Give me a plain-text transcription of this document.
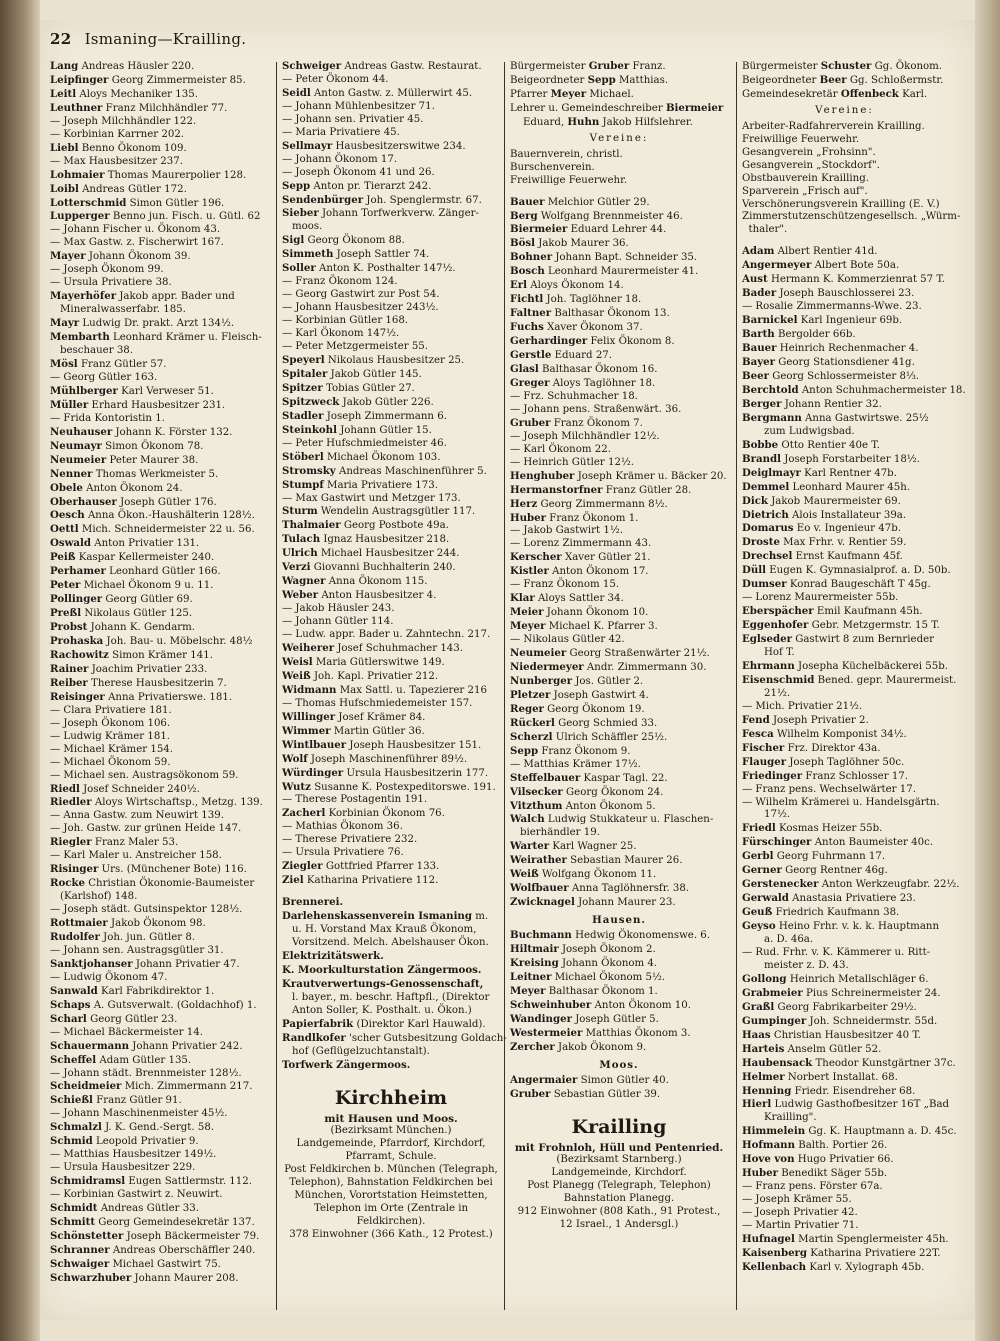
22 Ismaning—Krailling.
Lang Andreas Häusler 220.
Leipfinger Georg Zimmermeister 85.
Leitl Aloys Mechaniker 135.
Leuthner Franz Milchhändler 77.
— Joseph Milchhändler 122.
— Korbinian Karrner 202.
Liebl Benno Ökonom 109.
— Max Hausbesitzer 237.
Lohmaier Thomas Maurerpolier 128.
Loibl Andreas Gütler 172.
Lotterschmid Simon Gütler 196.
Lupperger Benno jun. Fisch. u. Gütl. 62
— Johann Fischer u. Ökonom 43.
— Max Gastw. z. Fischerwirt 167.
Mayer Johann Ökonom 39.
— Joseph Ökonom 99.
— Ursula Privatiere 38.
Mayerhöfer Jakob appr. Bader und
Mineralwasserfabr. 185.
Mayr Ludwig Dr. prakt. Arzt 134½.
Membarth Leonhard Krämer u. Fleisch-
beschauer 38.
Mösl Franz Gütler 57.
— Georg Gütler 163.
Mühlberger Karl Verweser 51.
Müller Erhard Hausbesitzer 231.
— Frida Kontoristin 1.
Neuhauser Johann K. Förster 132.
Neumayr Simon Ökonom 78.
Neumeier Peter Maurer 38.
Nenner Thomas Werkmeister 5.
Obele Anton Ökonom 24.
Oberhauser Joseph Gütler 176.
Oesch Anna Ökon.-Haushälterin 128½.
Oettl Mich. Schneidermeister 22 u. 56.
Oswald Anton Privatier 131.
Peiß Kaspar Kellermeister 240.
Perhamer Leonhard Gütler 166.
Peter Michael Ökonom 9 u. 11.
Pollinger Georg Gütler 69.
Preßl Nikolaus Gütler 125.
Probst Johann K. Gendarm.
Prohaska Joh. Bau- u. Möbelschr. 48½
Rachowitz Simon Krämer 141.
Rainer Joachim Privatier 233.
Reiber Therese Hausbesitzerin 7.
Reisinger Anna Privatierswe. 181.
— Clara Privatiere 181.
— Joseph Ökonom 106.
— Ludwig Krämer 181.
— Michael Krämer 154.
— Michael Ökonom 59.
— Michael sen. Austragsökonom 59.
Riedl Josef Schneider 240½.
Riedler Aloys Wirtschaftsp., Metzg. 139.
— Anna Gastw. zum Neuwirt 139.
— Joh. Gastw. zur grünen Heide 147.
Riegler Franz Maler 53.
— Karl Maler u. Anstreicher 158.
Risinger Urs. (Münchener Bote) 116.
Rocke Christian Ökonomie-Baumeister
(Karlshof) 148.
— Joseph städt. Gutsinspektor 128½.
Rottmaier Jakob Ökonom 98.
Rudolfer Joh. jun. Gütler 8.
— Johann sen. Austragsgütler 31.
Sanktjohanser Johann Privatier 47.
— Ludwig Ökonom 47.
Sanwald Karl Fabrikdirektor 1.
Schaps A. Gutsverwalt. (Goldachhof) 1.
Scharl Georg Gütler 23.
— Michael Bäckermeister 14.
Schauermann Johann Privatier 242.
Scheffel Adam Gütler 135.
— Johann städt. Brennmeister 128½.
Scheidmeier Mich. Zimmermann 217.
Schießl Franz Gütler 91.
— Johann Maschinenmeister 45½.
Schmalzl J. K. Gend.-Sergt. 58.
Schmid Leopold Privatier 9.
— Matthias Hausbesitzer 149½.
— Ursula Hausbesitzer 229.
Schmidramsl Eugen Sattlermstr. 112.
— Korbinian Gastwirt z. Neuwirt.
Schmidt Andreas Gütler 33.
Schmitt Georg Gemeindesekretär 137.
Schönstetter Joseph Bäckermeister 79.
Schranner Andreas Oberschäffler 240.
Schwaiger Michael Gastwirt 75.
Schwarzhuber Johann Maurer 208.
Schweiger Andreas Gastw. Restaurat.
— Peter Ökonom 44.
Seidl Anton Gastw. z. Müllerwirt 45.
— Johann Mühlenbesitzer 71.
— Johann sen. Privatier 45.
— Maria Privatiere 45.
Sellmayr Hausbesitzerswitwe 234.
— Johann Ökonom 17.
— Joseph Ökonom 41 und 26.
Sepp Anton pr. Tierarzt 242.
Sendenbürger Joh. Spenglermstr. 67.
Sieber Johann Torfwerkverw. Zänger-
moos.
Sigl Georg Ökonom 88.
Simmeth Joseph Sattler 74.
Soller Anton K. Posthalter 147½.
— Franz Ökonom 124.
— Georg Gastwirt zur Post 54.
— Johann Hausbesitzer 243½.
— Korbinian Gütler 168.
— Karl Ökonom 147½.
— Peter Metzgermeister 55.
Speyerl Nikolaus Hausbesitzer 25.
Spitaler Jakob Gütler 145.
Spitzer Tobias Gütler 27.
Spitzweck Jakob Gütler 226.
Stadler Joseph Zimmermann 6.
Steinkohl Johann Gütler 15.
— Peter Hufschmiedmeister 46.
Stöberl Michael Ökonom 103.
Stromsky Andreas Maschinenführer 5.
Stumpf Maria Privatiere 173.
— Max Gastwirt und Metzger 173.
Sturm Wendelin Austragsgütler 117.
Thalmaier Georg Postbote 49a.
Tulach Ignaz Hausbesitzer 218.
Ulrich Michael Hausbesitzer 244.
Verzi Giovanni Buchhalterin 240.
Wagner Anna Ökonom 115.
Weber Anton Hausbesitzer 4.
— Jakob Häusler 243.
— Johann Gütler 114.
— Ludw. appr. Bader u. Zahntechn. 217.
Weiherer Josef Schuhmacher 143.
Weisl Maria Gütlerswitwe 149.
Weiß Joh. Kapl. Privatier 212.
Widmann Max Sattl. u. Tapezierer 216
— Thomas Hufschmiedemeister 157.
Willinger Josef Krämer 84.
Wimmer Martin Gütler 36.
Wintlbauer Joseph Hausbesitzer 151.
Wolf Joseph Maschinenführer 89½.
Würdinger Ursula Hausbesitzerin 177.
Wutz Susanne K. Postexpeditorswe. 191.
— Therese Postagentin 191.
Zacherl Korbinian Ökonom 76.
— Mathias Ökonom 36.
— Therese Privatiere 232.
— Ursula Privatiere 76.
Ziegler Gottfried Pfarrer 133.
Ziel Katharina Privatiere 112.
Brennerei.
Darlehenskassenverein Ismaning m.
u. H. Vorstand Max Krauß Ökonom,
Vorsitzend. Melch. Abelshauser Ökon.
Elektrizitätswerk.
K. Moorkulturstation Zängermoos.
Krautverwertungs-Genossenschaft,
l. bayer., m. beschr. Haftpfl., (Direktor
Anton Soller, K. Posthalt. u. Ökon.)
Papierfabrik (Direktor Karl Hauwald).
Randlkofer 'scher Gutsbesitzung Goldach-
hof (Geflügelzuchtanstalt).
Torfwerk Zängermoos.
Kirchheim
mit Hausen und Moos.
(Bezirksamt München.)
Landgemeinde, Pfarrdorf, Kirchdorf, Pfarramt, Schule.
Post Feldkirchen b. München (Telegraph, Telephon), Bahnstation Feldkirchen bei München, Vorortstation Heimstetten, Telephon im Orte (Zentrale in Feldkirchen).
378 Einwohner (366 Kath., 12 Protest.)
Bürgermeister Gruber Franz.
Beigeordneter Sepp Matthias.
Pfarrer Meyer Michael.
Lehrer u. Gemeindeschreiber Biermeier
Eduard, Huhn Jakob Hilfslehrer.
Vereine:
Bauernverein, christl.
Burschenverein.
Freiwillige Feuerwehr.
Bauer Melchior Gütler 29.
Berg Wolfgang Brennmeister 46.
Biermeier Eduard Lehrer 44.
Bösl Jakob Maurer 36.
Bohner Johann Bapt. Schneider 35.
Bosch Leonhard Maurermeister 41.
Erl Aloys Ökonom 14.
Fichtl Joh. Taglöhner 18.
Faltner Balthasar Ökonom 13.
Fuchs Xaver Ökonom 37.
Gerhardinger Felix Ökonom 8.
Gerstle Eduard 27.
Glasl Balthasar Ökonom 16.
Greger Aloys Taglöhner 18.
— Frz. Schuhmacher 18.
— Johann pens. Straßenwärt. 36.
Gruber Franz Ökonom 7.
— Joseph Milchhändler 12½.
— Karl Ökonom 22.
— Heinrich Gütler 12½.
Henghuber Joseph Krämer u. Bäcker 20.
Hermanstorfner Franz Gütler 28.
Herz Georg Zimmermann 8½.
Huber Franz Ökonom 1.
— Jakob Gastwirt 1½.
— Lorenz Zimmermann 43.
Kerscher Xaver Gütler 21.
Kistler Anton Ökonom 17.
— Franz Ökonom 15.
Klar Aloys Sattler 34.
Meier Johann Ökonom 10.
Meyer Michael K. Pfarrer 3.
— Nikolaus Gütler 42.
Neumeier Georg Straßenwärter 21½.
Niedermeyer Andr. Zimmermann 30.
Nunberger Jos. Gütler 2.
Pletzer Joseph Gastwirt 4.
Reger Georg Ökonom 19.
Rückerl Georg Schmied 33.
Scherzl Ulrich Schäffler 25½.
Sepp Franz Ökonom 9.
— Matthias Krämer 17½.
Steffelbauer Kaspar Tagl. 22.
Vilsecker Georg Ökonom 24.
Vitzthum Anton Ökonom 5.
Walch Ludwig Stukkateur u. Flaschen-
bierhändler 19.
Warter Karl Wagner 25.
Weirather Sebastian Maurer 26.
Weiß Wolfgang Ökonom 11.
Wolfbauer Anna Taglöhnersfr. 38.
Zwicknagel Johann Maurer 23.
Hausen.
Buchmann Hedwig Ökonomenswe. 6.
Hiltmair Joseph Ökonom 2.
Kreising Johann Ökonom 4.
Leitner Michael Ökonom 5½.
Meyer Balthasar Ökonom 1.
Schweinhuber Anton Ökonom 10.
Wandinger Joseph Gütler 5.
Westermeier Matthias Ökonom 3.
Zercher Jakob Ökonom 9.
Moos.
Angermaier Simon Gütler 40.
Gruber Sebastian Gütler 39.
Krailling
mit Frohnloh, Hüll und Pentenried.
(Bezirksamt Starnberg.)
Landgemeinde, Kirchdorf.
Post Planegg (Telegraph, Telephon) Bahnstation Planegg.
912 Einwohner (808 Kath., 91 Protest., 12 Israel., 1 Andersgl.)
Bürgermeister Schuster Gg. Ökonom.
Beigeordneter Beer Gg. Schloßermstr.
Gemeindesekretär Offenbeck Karl.
Vereine:
Arbeiter-Radfahrerverein Krailling.
Freiwillige Feuerwehr.
Gesangverein „Frohsinn".
Gesangverein „Stockdorf".
Obstbauverein Krailling.
Sparverein „Frisch auf".
Verschönerungsverein Krailling (E. V.)
Zimmerstutzenschützengesellsch. „Würm-
thaler".
Adam Albert Rentier 41d.
Angermeyer Albert Bote 50a.
Aust Hermann K. Kommerzienrat 57 T.
Bader Joseph Bauschlosserei 23.
— Rosalie Zimmermanns-Wwe. 23.
Barnickel Karl Ingenieur 69b.
Barth Bergolder 66b.
Bauer Heinrich Rechenmacher 4.
Bayer Georg Stationsdiener 41g.
Beer Georg Schlossermeister 8⅓.
Berchtold Anton Schuhmachermeister 18.
Berger Johann Rentier 32.
Bergmann Anna Gastwirtswe. 25½
zum Ludwigsbad.
Bobbe Otto Rentier 40e T.
Brandl Joseph Forstarbeiter 18½.
Deiglmayr Karl Rentner 47b.
Demmel Leonhard Maurer 45h.
Dick Jakob Maurermeister 69.
Dietrich Alois Installateur 39a.
Domarus Eo v. Ingenieur 47b.
Droste Max Frhr. v. Rentier 59.
Drechsel Ernst Kaufmann 45f.
Düll Eugen K. Gymnasialprof. a. D. 50b.
Dumser Konrad Baugeschäft T 45g.
— Lorenz Maurermeister 55b.
Eberspächer Emil Kaufmann 45h.
Eggenhofer Gebr. Metzgermstr. 15 T.
Eglseder Gastwirt 8 zum Bernrieder
Hof T.
Ehrmann Josepha Küchelbäckerei 55b.
Eisenschmid Bened. gepr. Maurermeist.
21½.
— Mich. Privatier 21½.
Fend Joseph Privatier 2.
Fesca Wilhelm Komponist 34½.
Fischer Frz. Direktor 43a.
Flauger Joseph Taglöhner 50c.
Friedinger Franz Schlosser 17.
— Franz pens. Wechselwärter 17.
— Wilhelm Krämerei u. Handelsgärtn.
17½.
Friedl Kosmas Heizer 55b.
Fürschinger Anton Baumeister 40c.
Gerbl Georg Fuhrmann 17.
Gerner Georg Rentner 46g.
Gerstenecker Anton Werkzeugfabr. 22½.
Gerwald Anastasia Privatiere 23.
Geuß Friedrich Kaufmann 38.
Geyso Heino Frhr. v. k. k. Hauptmann
a. D. 46a.
— Rud. Frhr. v. K. Kämmerer u. Ritt-
meister z. D. 43.
Gollong Heinrich Metallschläger 6.
Grabmeier Pius Schreinermeister 24.
Graßl Georg Fabrikarbeiter 29½.
Gumpinger Joh. Schneidermstr. 55d.
Haas Christian Hausbesitzer 40 T.
Harteis Anselm Gütler 52.
Haubensack Theodor Kunstgärtner 37c.
Helmer Norbert Installat. 68.
Henning Friedr. Eisendreher 68.
Hierl Ludwig Gasthofbesitzer 16T „Bad
Krailling".
Himmelein Gg. K. Hauptmann a. D. 45c.
Hofmann Balth. Portier 26.
Hove von Hugo Privatier 66.
Huber Benedikt Säger 55b.
— Franz pens. Förster 67a.
— Joseph Krämer 55.
— Joseph Privatier 42.
— Martin Privatier 71.
Hufnagel Martin Spenglermeister 45h.
Kaisenberg Katharina Privatiere 22T.
Kellenbach Karl v. Xylograph 45b.
